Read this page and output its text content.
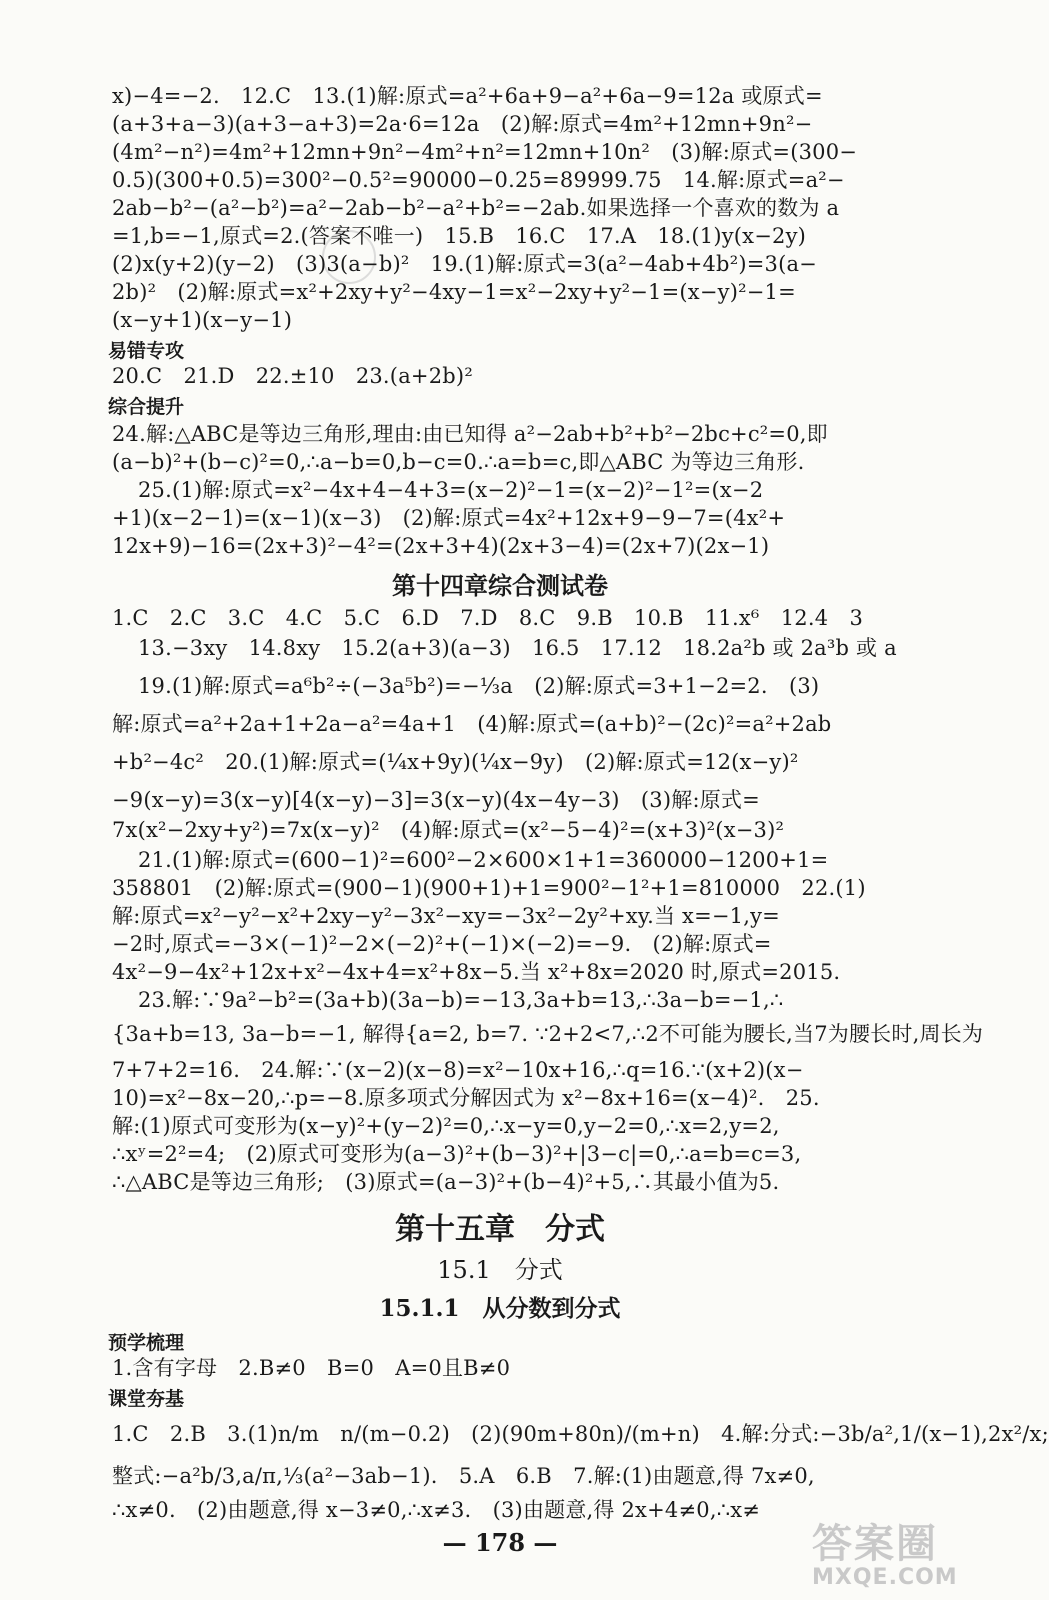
x)−4=−2.　12.C　13.(1)解:原式=a²+6a+9−a²+6a−9=12a 或原式=
(a+3+a−3)(a+3−a+3)=2a·6=12a　(2)解:原式=4m²+12mn+9n²−
(4m²−n²)=4m²+12mn+9n²−4m²+n²=12mn+10n²　(3)解:原式=(300−
0.5)(300+0.5)=300²−0.5²=90000−0.25=89999.75　14.解:原式=a²−
2ab−b²−(a²−b²)=a²−2ab−b²−a²+b²=−2ab.如果选择一个喜欢的数为 a
=1,b=−1,原式=2.(答案不唯一)　15.B　16.C　17.A　18.(1)y(x−2y)
(2)x(y+2)(y−2)　(3)3(a−b)²　19.(1)解:原式=3(a²−4ab+4b²)=3(a−
2b)²　(2)解:原式=x²+2xy+y²−4xy−1=x²−2xy+y²−1=(x−y)²−1=
(x−y+1)(x−y−1)
易错专攻
20.C　21.D　22.±10　23.(a+2b)²
综合提升
24.解:△ABC是等边三角形,理由:由已知得 a²−2ab+b²+b²−2bc+c²=0,即
(a−b)²+(b−c)²=0,∴a−b=0,b−c=0.∴a=b=c,即△ABC 为等边三角形.
25.(1)解:原式=x²−4x+4−4+3=(x−2)²−1=(x−2)²−1²=(x−2
+1)(x−2−1)=(x−1)(x−3)　(2)解:原式=4x²+12x+9−9−7=(4x²+
12x+9)−16=(2x+3)²−4²=(2x+3+4)(2x+3−4)=(2x+7)(2x−1)
第十四章综合测试卷
1.C　2.C　3.C　4.C　5.C　6.D　7.D　8.C　9.B　10.B　11.x⁶　12.4　3
13.−3xy　14.8xy　15.2(a+3)(a−3)　16.5　17.12　18.2a²b 或 2a³b 或 a
19.(1)解:原式=a⁶b²÷(−3a⁵b²)=−⅓a　(2)解:原式=3+1−2=2.　(3)
解:原式=a²+2a+1+2a−a²=4a+1　(4)解:原式=(a+b)²−(2c)²=a²+2ab
+b²−4c²　20.(1)解:原式=(¼x+9y)(¼x−9y)　(2)解:原式=12(x−y)²
−9(x−y)=3(x−y)[4(x−y)−3]=3(x−y)(4x−4y−3)　(3)解:原式=
7x(x²−2xy+y²)=7x(x−y)²　(4)解:原式=(x²−5−4)²=(x+3)²(x−3)²
21.(1)解:原式=(600−1)²=600²−2×600×1+1=360000−1200+1=
358801　(2)解:原式=(900−1)(900+1)+1=900²−1²+1=810000　22.(1)
解:原式=x²−y²−x²+2xy−y²−3x²−xy=−3x²−2y²+xy.当 x=−1,y=
−2时,原式=−3×(−1)²−2×(−2)²+(−1)×(−2)=−9.　(2)解:原式=
4x²−9−4x²+12x+x²−4x+4=x²+8x−5.当 x²+8x=2020 时,原式=2015.
23.解:∵9a²−b²=(3a+b)(3a−b)=−13,3a+b=13,∴3a−b=−1,∴
{3a+b=13, 3a−b=−1, 解得{a=2, b=7. ∵2+2<7,∴2不可能为腰长,当7为腰长时,周长为
7+7+2=16.　24.解:∵(x−2)(x−8)=x²−10x+16,∴q=16.∵(x+2)(x−
10)=x²−8x−20,∴p=−8.原多项式分解因式为 x²−8x+16=(x−4)².　25.
解:(1)原式可变形为(x−y)²+(y−2)²=0,∴x−y=0,y−2=0,∴x=2,y=2,
∴xʸ=2²=4;　(2)原式可变形为(a−3)²+(b−3)²+|3−c|=0,∴a=b=c=3,
∴△ABC是等边三角形;　(3)原式=(a−3)²+(b−4)²+5,∴其最小值为5.
第十五章　分式
15.1　分式
15.1.1　从分数到分式
预学梳理
1.含有字母　2.B≠0　B=0　A=0且B≠0
课堂夯基
1.C　2.B　3.(1)n/m　n/(m−0.2)　(2)(90m+80n)/(m+n)　4.解:分式:−3b/a²,1/(x−1),2x²/x;
整式:−a²b/3,a/π,⅓(a²−3ab−1).　5.A　6.B　7.解:(1)由题意,得 7x≠0,
∴x≠0.　(2)由题意,得 x−3≠0,∴x≠3.　(3)由题意,得 2x+4≠0,∴x≠
— 178 —	答案圈
MXQE.COM
